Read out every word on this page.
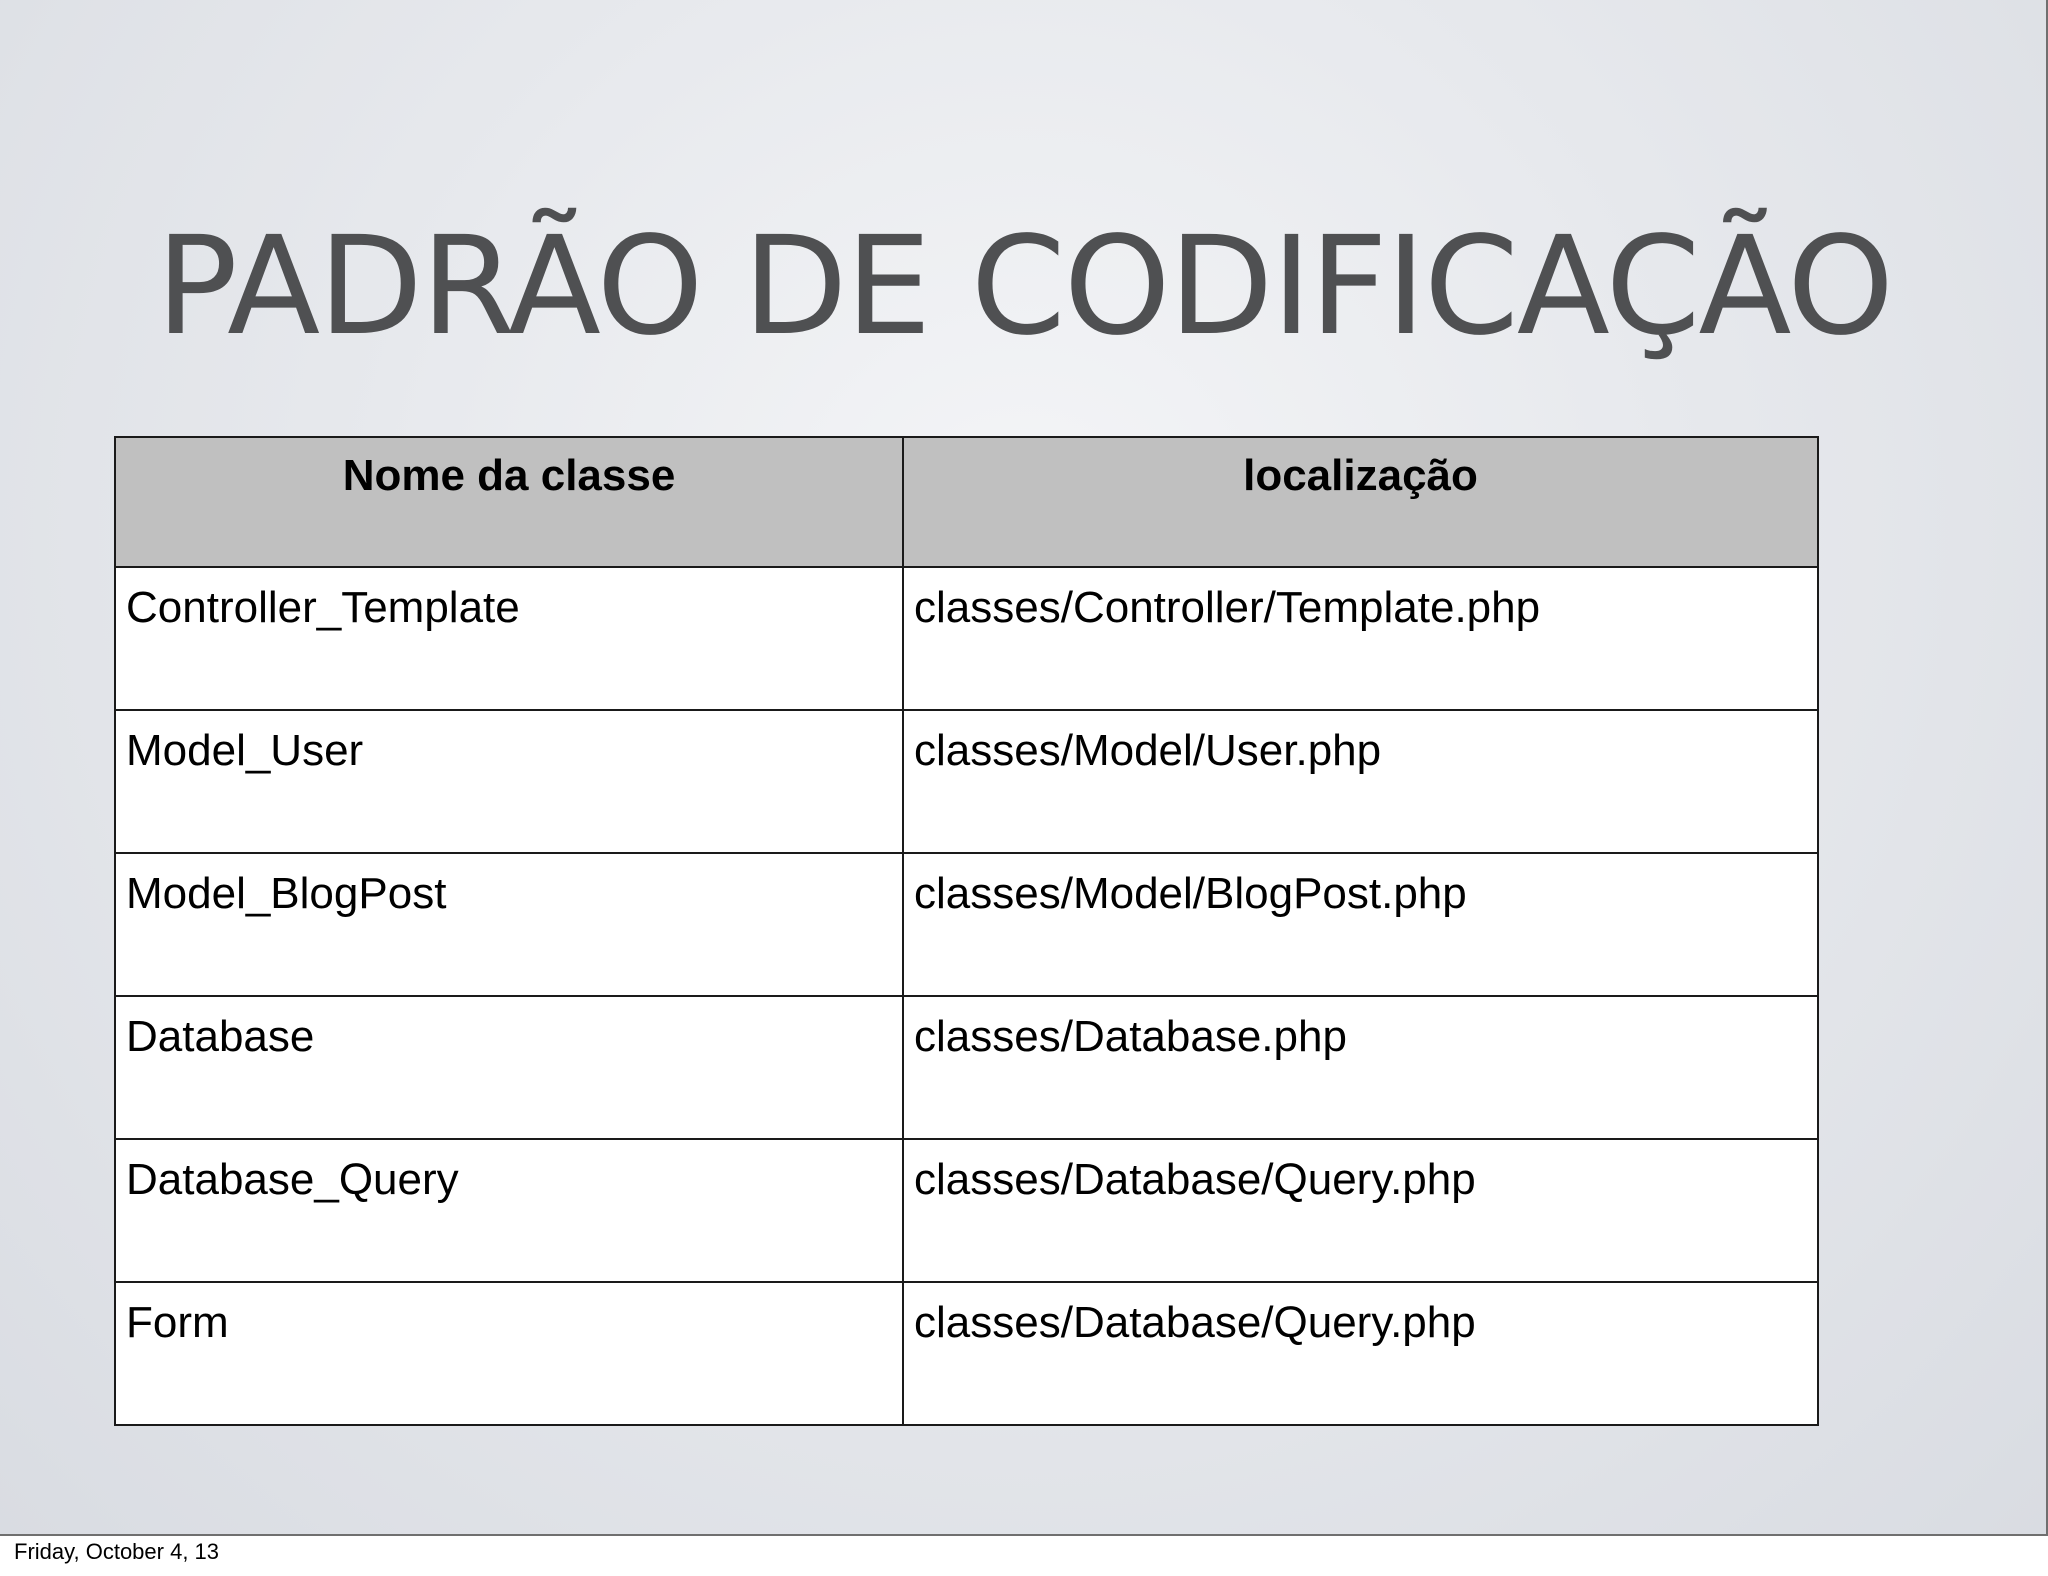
PADRÃO DE CODIFICAÇÃO
Nome da classe	localização
Controller_Template	classes/Controller/Template.php
Model_User	classes/Model/User.php
Model_BlogPost	classes/Model/BlogPost.php
Database	classes/Database.php
Database_Query	classes/Database/Query.php
Form	classes/Database/Query.php
Friday, October 4, 13
